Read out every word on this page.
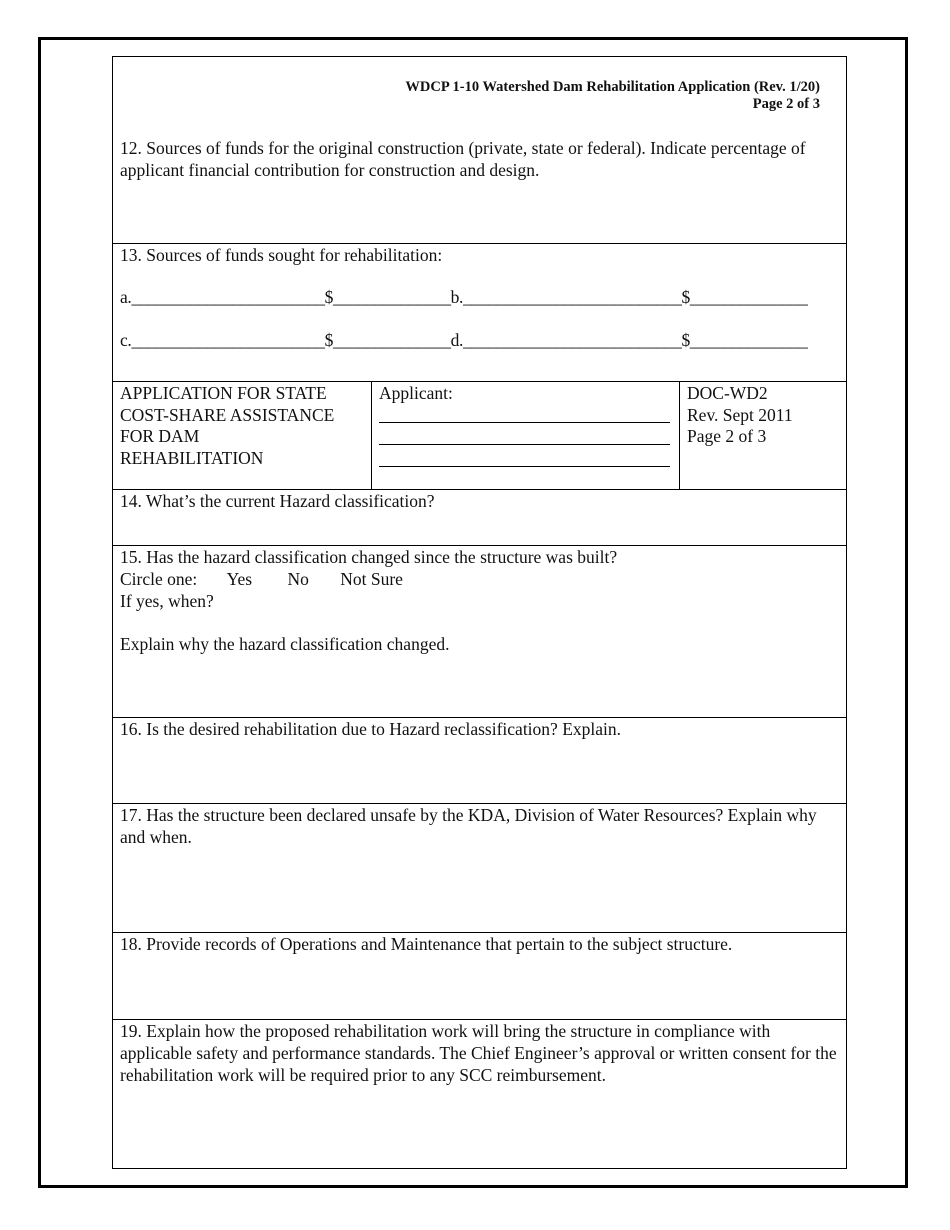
WDCP 1-10 Watershed Dam Rehabilitation Application (Rev. 1/20)
Page 2 of 3

12. Sources of funds for the original construction (private, state or federal). Indicate percentage of applicant financial contribution for construction and design.

13. Sources of funds sought for rehabilitation:
a._______________________$______________b.__________________________$______________
c._______________________$______________d.__________________________$______________
APPLICATION FOR STATE
COST-SHARE ASSISTANCE
FOR DAM
REHABILITATION
Applicant:	DOC-WD2
Rev. Sept 2011
Page 2 of 3

14. What’s the current Hazard classification?

15. Has the hazard classification changed since the structure was built?

Circle one: Yes No Not Sure

If yes, when?

Explain why the hazard classification changed.

16. Is the desired rehabilitation due to Hazard reclassification? Explain.

17. Has the structure been declared unsafe by the KDA, Division of Water Resources? Explain why and when.

18. Provide records of Operations and Maintenance that pertain to the subject structure.

19. Explain how the proposed rehabilitation work will bring the structure in compliance with applicable safety and performance standards. The Chief Engineer’s approval or written consent for the rehabilitation work will be required prior to any SCC reimbursement.
